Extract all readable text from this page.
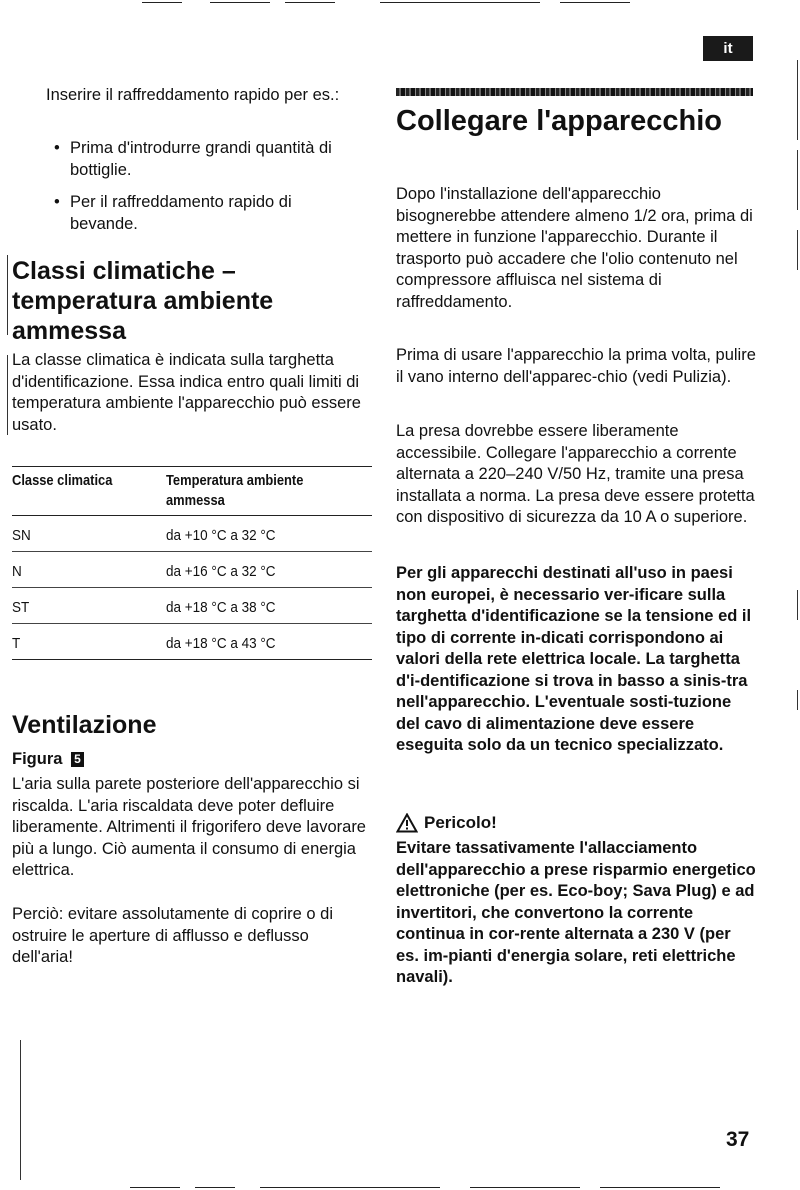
it

Inserire il raffreddamento rapido per es.:

• Prima d'introdurre grandi quantità di bottiglie.
• Per il raffreddamento rapido di bevande.
Classi climatiche – temperatura ambiente ammessa

La classe climatica è indicata sulla targhetta d'identificazione. Essa indica entro quali limiti di temperatura ambiente l'apparecchio può essere usato.

Classe climatica	Temperatura ambiente ammessa
SN	da +10 °C a 32 °C
N	da +16 °C a 32 °C
ST	da +18 °C a 38 °C
T	da +18 °C a 43 °C
Ventilazione
Figura 5

L'aria sulla parete posteriore dell'apparecchio si riscalda. L'aria riscaldata deve poter defluire liberamente. Altrimenti il frigorifero deve lavorare più a lungo. Ciò aumenta il consumo di energia elettrica.

Perciò: evitare assolutamente di coprire o di ostruire le aperture di afflusso e deflusso dell'aria!

Collegare l'apparecchio

Dopo l'installazione dell'apparecchio bisognerebbe attendere almeno 1/2 ora, prima di mettere in funzione l'apparecchio. Durante il trasporto può accadere che l'olio contenuto nel compressore affluisca nel sistema di raffreddamento.

Prima di usare l'apparecchio la prima volta, pulire il vano interno dell'apparec-chio (vedi Pulizia).

La presa dovrebbe essere liberamente accessibile. Collegare l'apparecchio a corrente alternata a 220–240 V/50 Hz, tramite una presa installata a norma. La presa deve essere protetta con dispositivo di sicurezza da 10 A o superiore.

Per gli apparecchi destinati all'uso in paesi non europei, è necessario ver-ificare sulla targhetta d'identificazione se la tensione ed il tipo di corrente in-dicati corrispondono ai valori della rete elettrica locale. La targhetta d'i-dentificazione si trova in basso a sinis-tra nell'apparecchio. L'eventuale sosti-tuzione del cavo di alimentazione deve essere eseguita solo da un tecnico specializzato.

Pericolo!

Evitare tassativamente l'allacciamento dell'apparecchio a prese risparmio energetico elettroniche (per es. Eco-boy; Sava Plug) e ad invertitori, che convertono la corrente continua in cor-rente alternata a 230 V (per es. im-pianti d'energia solare, reti elettriche navali).

37
